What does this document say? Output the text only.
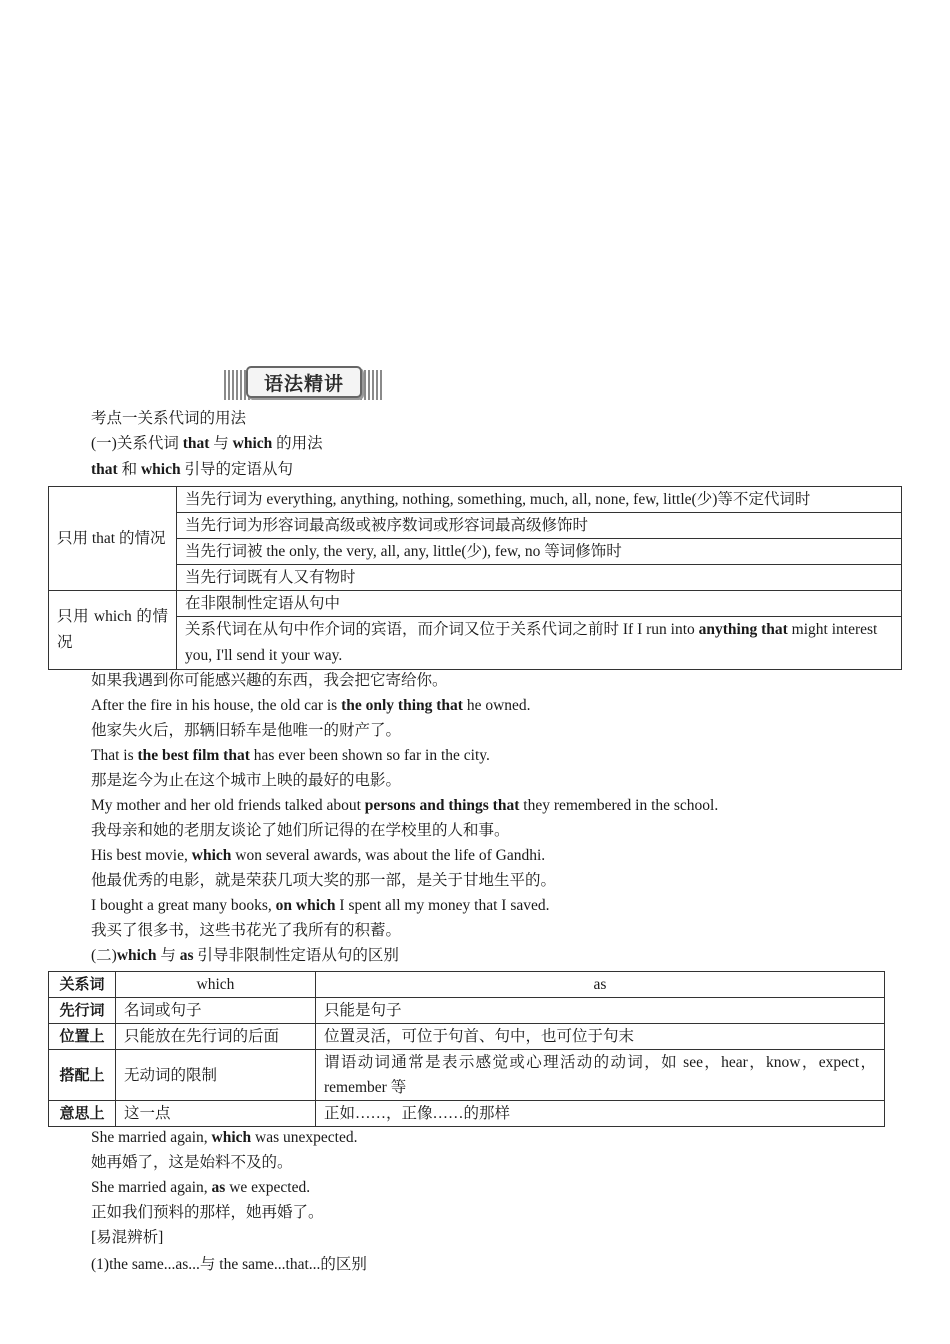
语法精讲
考点一关系代词的用法
(一)关系代词 that 与 which 的用法
that 和 which 引导的定语从句
只用 that 的情况	当先行词为 everything, anything, nothing, something, much, all, none, few, little(少)等不定代词时
	当先行词为形容词最高级或被序数词或形容词最高级修饰时
	当先行词被 the only, the very, all, any, little(少), few, no 等词修饰时
	当先行词既有人又有物时
只用 which 的情况	在非限制性定语从句中
	关系代词在从句中作介词的宾语，而介词又位于关系代词之前时 If I run into anything that might interest you, I'll send it your way.
如果我遇到你可能感兴趣的东西，我会把它寄给你。
After the fire in his house, the old car is the only thing that he owned.
他家失火后，那辆旧轿车是他唯一的财产了。
That is the best film that has ever been shown so far in the city.
那是迄今为止在这个城市上映的最好的电影。
My mother and her old friends talked about persons and things that they remembered in the school.
我母亲和她的老朋友谈论了她们所记得的在学校里的人和事。
His best movie, which won several awards, was about the life of Gandhi.
他最优秀的电影，就是荣获几项大奖的那一部，是关于甘地生平的。
I bought a great many books, on which I spent all my money that I saved.
我买了很多书，这些书花光了我所有的积蓄。
(二)which 与 as 引导非限制性定语从句的区别
关系词	which	as
先行词	名词或句子	只能是句子
位置上	只能放在先行词的后面	位置灵活，可位于句首、句中，也可位于句末
搭配上	无动词的限制	谓语动词通常是表示感觉或心理活动的动词，如 see，hear，know，expect，remember 等
意思上	这一点	正如……，正像……的那样
She married again, which was unexpected.
她再婚了，这是始料不及的。
She married again, as we expected.
正如我们预料的那样，她再婚了。
[易混辨析]
(1)the same...as...与 the same...that...的区别
